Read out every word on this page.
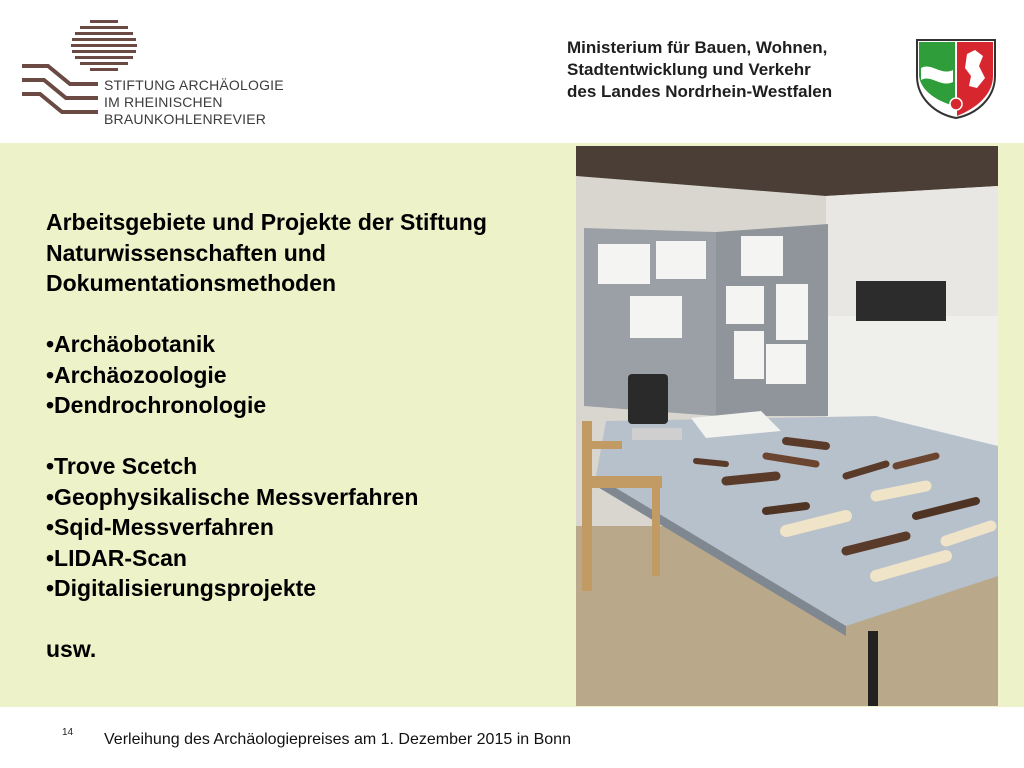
STIFTUNG ARCHÄOLOGIE
IM RHEINISCHEN
BRAUNKOHLENREVIER
Ministerium für Bauen, Wohnen,
Stadtentwicklung und Verkehr
des Landes Nordrhein-Westfalen
Arbeitsgebiete und Projekte der Stiftung
Naturwissenschaften und
Dokumentationsmethoden
•Archäobotanik
•Archäozoologie
•Dendrochronologie
•Trove Scetch
•Geophysikalische Messverfahren
•Sqid-Messverfahren
•LIDAR-Scan
•Digitalisierungsprojekte
usw.
14 Verleihung des Archäologiepreises am 1. Dezember 2015 in Bonn
